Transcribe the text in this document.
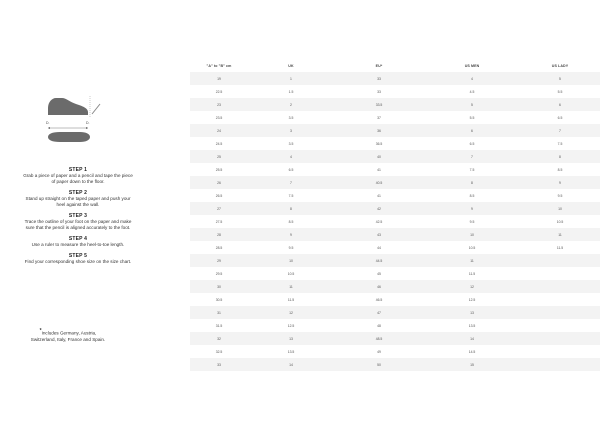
D.	D.
STEP 1
Grab a piece of paper and a pencil and tape the piece of paper down to the floor.
STEP 2
Stand up straight on the taped paper and push your heel against the wall.
STEP 3
Trace the outline of your foot on the paper and make sure that the pencil is aligned accurately to the foot.
STEP 4
Use a ruler to measure the heel-to-toe length.
STEP 5
Find your corresponding shoe size on the size chart.
*Includes Germany, Austria, Switzerland, Italy, France and Spain.
"A" to "B" cm	UK	EU*	US MEN	US LADY
19	1	33	4	5
22.5	1.5	33	4.5	5.5
23	2	33.5	5	6
23.5	3.5	37	5.5	6.5
24	3	36	6	7
24.5	3.5	36.5	6.5	7.5
25	4	40	7	8
25.5	6.5	41	7.5	8.5
26	7	40.5	8	9
26.5	7.5	41	8.5	9.5
27	8	42	9	10
27.5	8.5	42.5	9.5	10.5
28	9	43	10	11
28.5	9.5	44	10.5	11.5
29	10	44.5	11	
29.5	10.5	45	11.5	
30	11	46	12	
30.5	11.5	46.5	12.5	
31	12	47	13	
31.5	12.5	48	13.5	
32	13	48.5	14	
32.5	13.5	49	14.5	
33	14	50	15	
